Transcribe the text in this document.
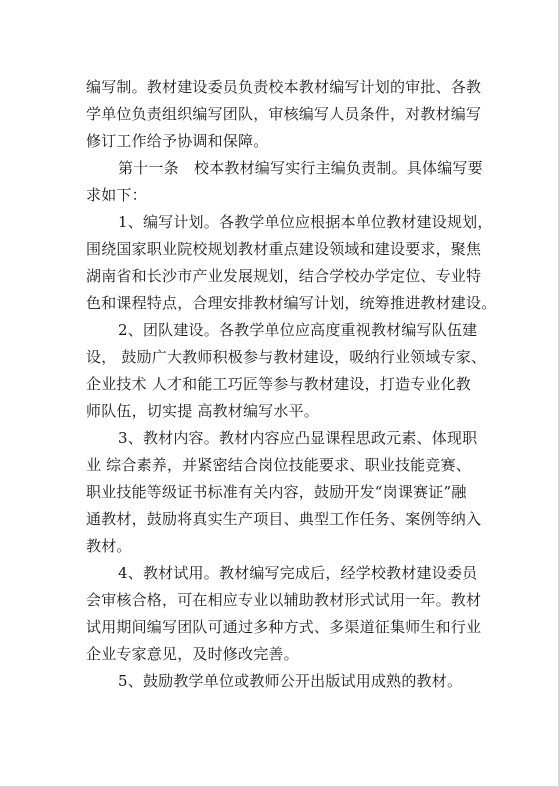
编写制。教材建设委员负责校本教材编写计划的审批、各教
学单位负责组织编写团队，审核编写人员条件，对教材编写
修订工作给予协调和保障。
第十一条　校本教材编写实行主编负责制。具体编写要
求如下：
1、编写计划。各教学单位应根据本单位教材建设规划，
围绕国家职业院校规划教材重点建设领域和建设要求，聚焦
湖南省和长沙市产业发展规划，结合学校办学定位、专业特
色和课程特点，合理安排教材编写计划，统筹推进教材建设。
2、团队建设。各教学单位应高度重视教材编写队伍建
设， 鼓励广大教师积极参与教材建设，吸纳行业领域专家、
企业技术 人才和能工巧匠等参与教材建设，打造专业化教
师队伍，切实提 高教材编写水平。
3、教材内容。教材内容应凸显课程思政元素、体现职
业 综合素养，并紧密结合岗位技能要求、职业技能竞赛、
职业技能等级证书标准有关内容，鼓励开发“岗课赛证”融
通教材，鼓励将真实生产项目、典型工作任务、案例等纳入
教材。
4、教材试用。教材编写完成后，经学校教材建设委员
会审核合格，可在相应专业以辅助教材形式试用一年。教材
试用期间编写团队可通过多种方式、多渠道征集师生和行业
企业专家意见，及时修改完善。
5、鼓励教学单位或教师公开出版试用成熟的教材。
